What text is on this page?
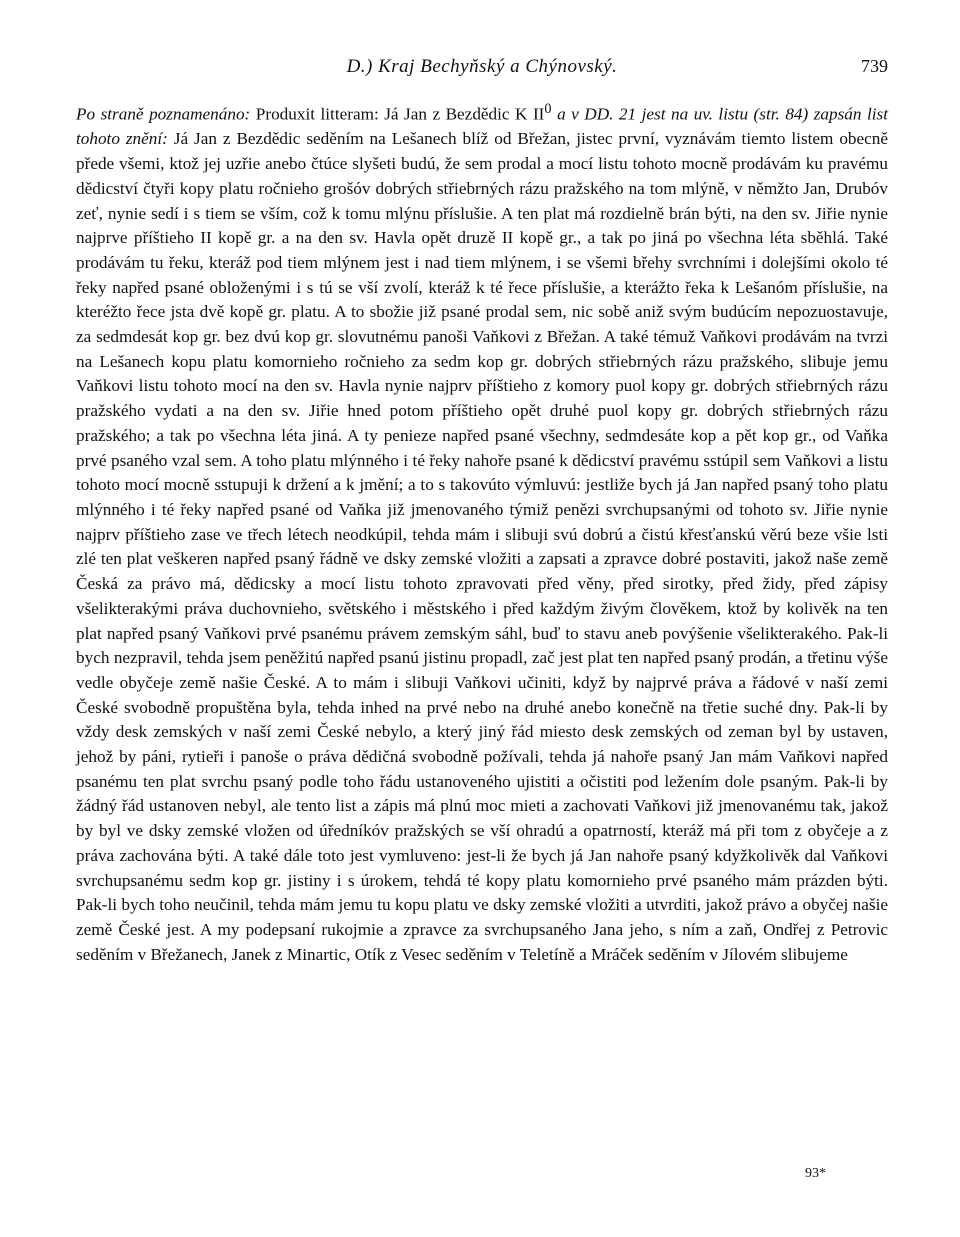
D.) Kraj Bechyňský a Chýnovský.	739

Po straně poznamenáno: Produxit litteram: Já Jan z Bezdědic K $II^0$ a v DD. 21 jest na uv. listu (str. 84) zapsán list tohoto znění: Já Jan z Bezdědic seděním na Lešanech blíž od Břežan, jistec první, vyznávám tiemto listem obecně přede všemi, ktož jej uzřie anebo čtúce slyšeti budú, že sem prodal a mocí listu tohoto mocně prodávám ku pravému dědicství čtyři kopy platu ročnieho grošóv dobrých střiebrných rázu pražského na tom mlýně, v němžto Jan, Drubóv zeť, nynie sedí i s tiem se vším, což k tomu mlýnu příslušie. A ten plat má rozdielně brán býti, na den sv. Jiřie nynie najprve příštieho II kopě gr. a na den sv. Havla opět druzě II kopě gr., a tak po jiná po všechna léta sběhlá. Také prodávám tu řeku, kteráž pod tiem mlýnem jest i nad tiem mlýnem, i se všemi břehy svrchními i dolejšími okolo té řeky napřed psané obloženými i s tú se vší zvolí, kteráž k té řece příslušie, a kterážto řeka k Lešanóm příslušie, na kteréžto řece jsta dvě kopě gr. platu. A to sbožie již psané prodal sem, nic sobě aniž svým budúcím nepozuostavuje, za sedmdesát kop gr. bez dvú kop gr. slovutnému panoši Vaňkovi z Břežan. A také témuž Vaňkovi prodávám na tvrzi na Lešanech kopu platu komornieho ročnieho za sedm kop gr. dobrých střiebrných rázu pražského, slibuje jemu Vaňkovi listu tohoto mocí na den sv. Havla nynie najprv příštieho z komory puol kopy gr. dobrých střiebrných rázu pražského vydati a na den sv. Jiřie hned potom příštieho opět druhé puol kopy gr. dobrých střiebrných rázu pražského; a tak po všechna léta jiná. A ty penieze napřed psané všechny, sedmdesáte kop a pět kop gr., od Vaňka prvé psaného vzal sem. A toho platu mlýnného i té řeky nahoře psané k dědicství pravému sstúpil sem Vaňkovi a listu tohoto mocí mocně sstupuji k držení a k jmění; a to s takovúto výmluvú: jestliže bych já Jan napřed psaný toho platu mlýnného i té řeky napřed psané od Vaňka již jmenovaného týmiž penězi svrchupsanými od tohoto sv. Jiřie nynie najprv příštieho zase ve třech létech neodkúpil, tehda mám i slibuji svú dobrú a čistú křesťanskú věrú beze všie lsti zlé ten plat veškeren napřed psaný řádně ve dsky zemské vložiti a zapsati a zpravce dobré postaviti, jakož naše země Česká za právo má, dědicsky a mocí listu tohoto zpravovati před věny, před sirotky, před židy, před zápisy všelikterakými práva duchovnieho, světského i městského i před každým živým člověkem, ktož by kolivěk na ten plat napřed psaný Vaňkovi prvé psanému právem zemským sáhl, buď to stavu aneb povýšenie všelikterakého. Pak-li bych nezpravil, tehda jsem peněžitú napřed psanú jistinu propadl, zač jest plat ten napřed psaný prodán, a třetinu výše vedle obyčeje země našie České. A to mám i slibuji Vaňkovi učiniti, když by najprvé práva a řádové v naší zemi České svobodně propuštěna byla, tehda inhed na prvé nebo na druhé anebo konečně na třetie suché dny. Pak-li by vždy desk zemských v naší zemi České nebylo, a který jiný řád miesto desk zemských od zeman byl by ustaven, jehož by páni, rytieři i panoše o práva dědičná svobodně požívali, tehda já nahoře psaný Jan mám Vaňkovi napřed psanému ten plat svrchu psaný podle toho řádu ustanoveného ujistiti a očistiti pod ležením dole psaným. Pak-li by žádný řád ustanoven nebyl, ale tento list a zápis má plnú moc mieti a zachovati Vaňkovi již jmenovanému tak, jakož by byl ve dsky zemské vložen od úředníkóv pražských se vší ohradú a opatrností, kteráž má při tom z obyčeje a z práva zachována býti. A také dále toto jest vymluveno: jest-li že bych já Jan nahoře psaný kdyžkolivěk dal Vaňkovi svrchupsanému sedm kop gr. jistiny i s úrokem, tehdá té kopy platu komornieho prvé psaného mám prázden býti. Pak-li bych toho neučinil, tehda mám jemu tu kopu platu ve dsky zemské vložiti a utvrditi, jakož právo a obyčej našie země České jest. A my podepsaní rukojmie a zpravce za svrchupsaného Jana jeho, s ním a zaň, Ondřej z Petrovic seděním v Břežanech, Janek z Minartic, Otík z Vesec seděním v Teletíně a Mráček seděním v Jílovém slibujeme

93*
